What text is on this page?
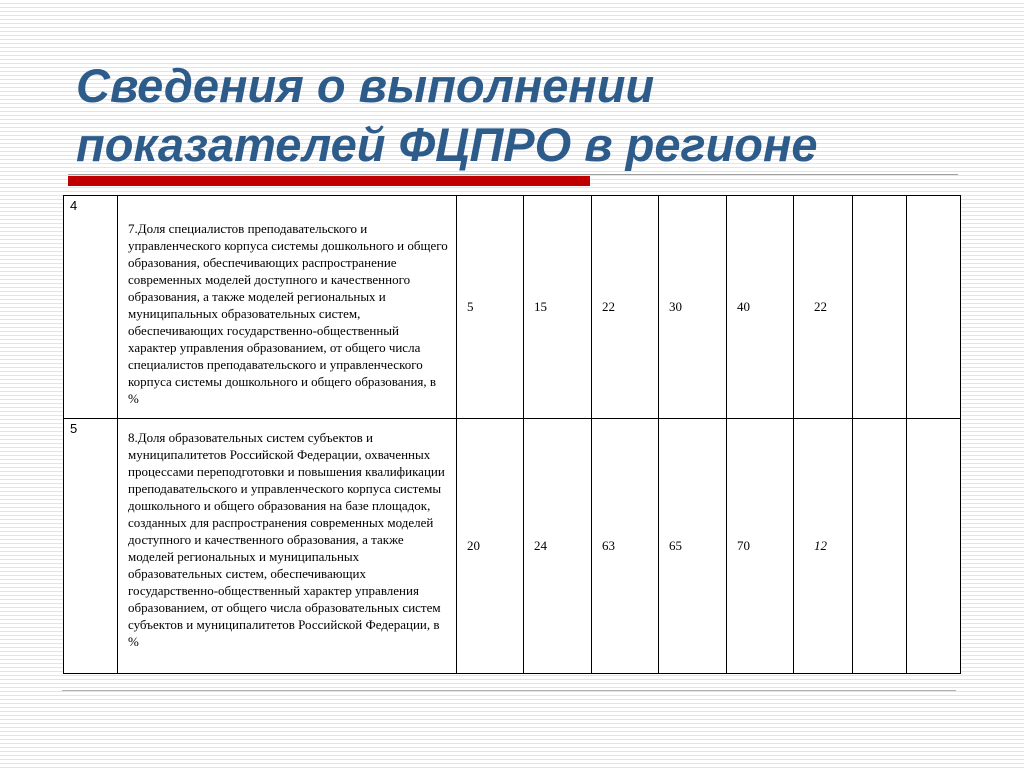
Сведения о выполнении
показателей ФЦПРО в регионе
4	7.Доля специалистов преподавательского и управленческого корпуса системы дошкольного и общего образования, обеспечивающих распространение современных моделей доступного и качественного образования, а также моделей региональных и муниципальных образовательных систем, обеспечивающих государственно-общественный характер управления образованием, от общего числа специалистов преподавательского и управленческого корпуса системы дошкольного и общего образования, в %	5	15	22	30	40	22		
5	8.Доля образовательных систем субъектов и муниципалитетов Российской Федерации, охваченных процессами переподготовки и повышения квалификации преподавательского и управленческого корпуса системы дошкольного и общего образования на базе площадок, созданных для распространения современных моделей доступного и качественного образования, а также моделей региональных и муниципальных образовательных систем, обеспечивающих государственно-общественный характер управления образованием, от общего числа образовательных систем субъектов и муниципалитетов Российской Федерации, в %	20	24	63	65	70	12		
